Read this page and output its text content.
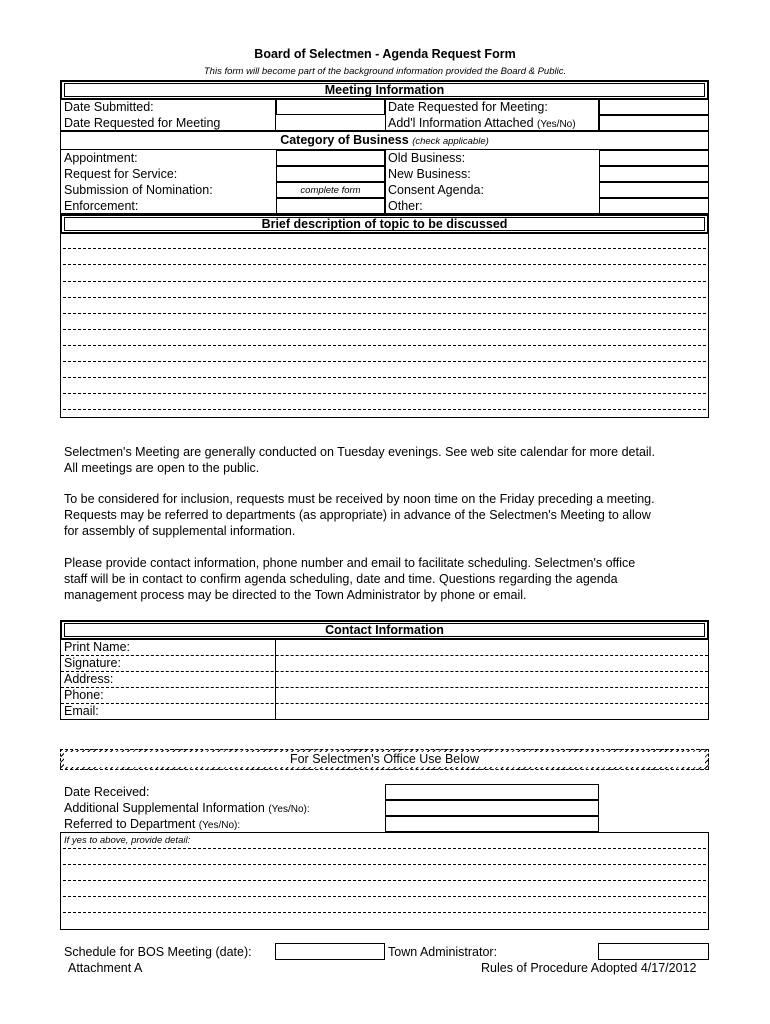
Board of Selectmen - Agenda Request Form
This form will become part of the background information provided the Board & Public.
Meeting Information
Date Submitted:
Date Requested for Meeting
Date Requested for Meeting:
Add'l Information Attached (Yes/No)
Category of Business (check applicable)
Appointment:
Request for Service:
Submission of Nomination:
Enforcement:
complete form
Old Business:
New Business:
Consent Agenda:
Other:
Brief description of topic to be discussed
Selectmen's Meeting are generally conducted on Tuesday evenings. See web site calendar for more detail.
All meetings are open to the public.
To be considered for inclusion, requests must be received by noon time on the Friday preceding a meeting.
Requests may be referred to departments (as appropriate) in advance of the Selectmen's Meeting to allow
for assembly of supplemental information.
Please provide contact information, phone number and email to facilitate scheduling. Selectmen's office
staff will be in contact to confirm agenda scheduling, date and time. Questions regarding the agenda
management process may be directed to the Town Administrator by phone or email.
Contact Information
Print Name:
Signature:
Address:
Phone:
Email:
For Selectmen's Office Use Below
Date Received:
Additional Supplemental Information (Yes/No):
Referred to Department (Yes/No):
If yes to above, provide detail:
Schedule for BOS Meeting (date):	Town Administrator:
Attachment A	Rules of Procedure Adopted 4/17/2012
